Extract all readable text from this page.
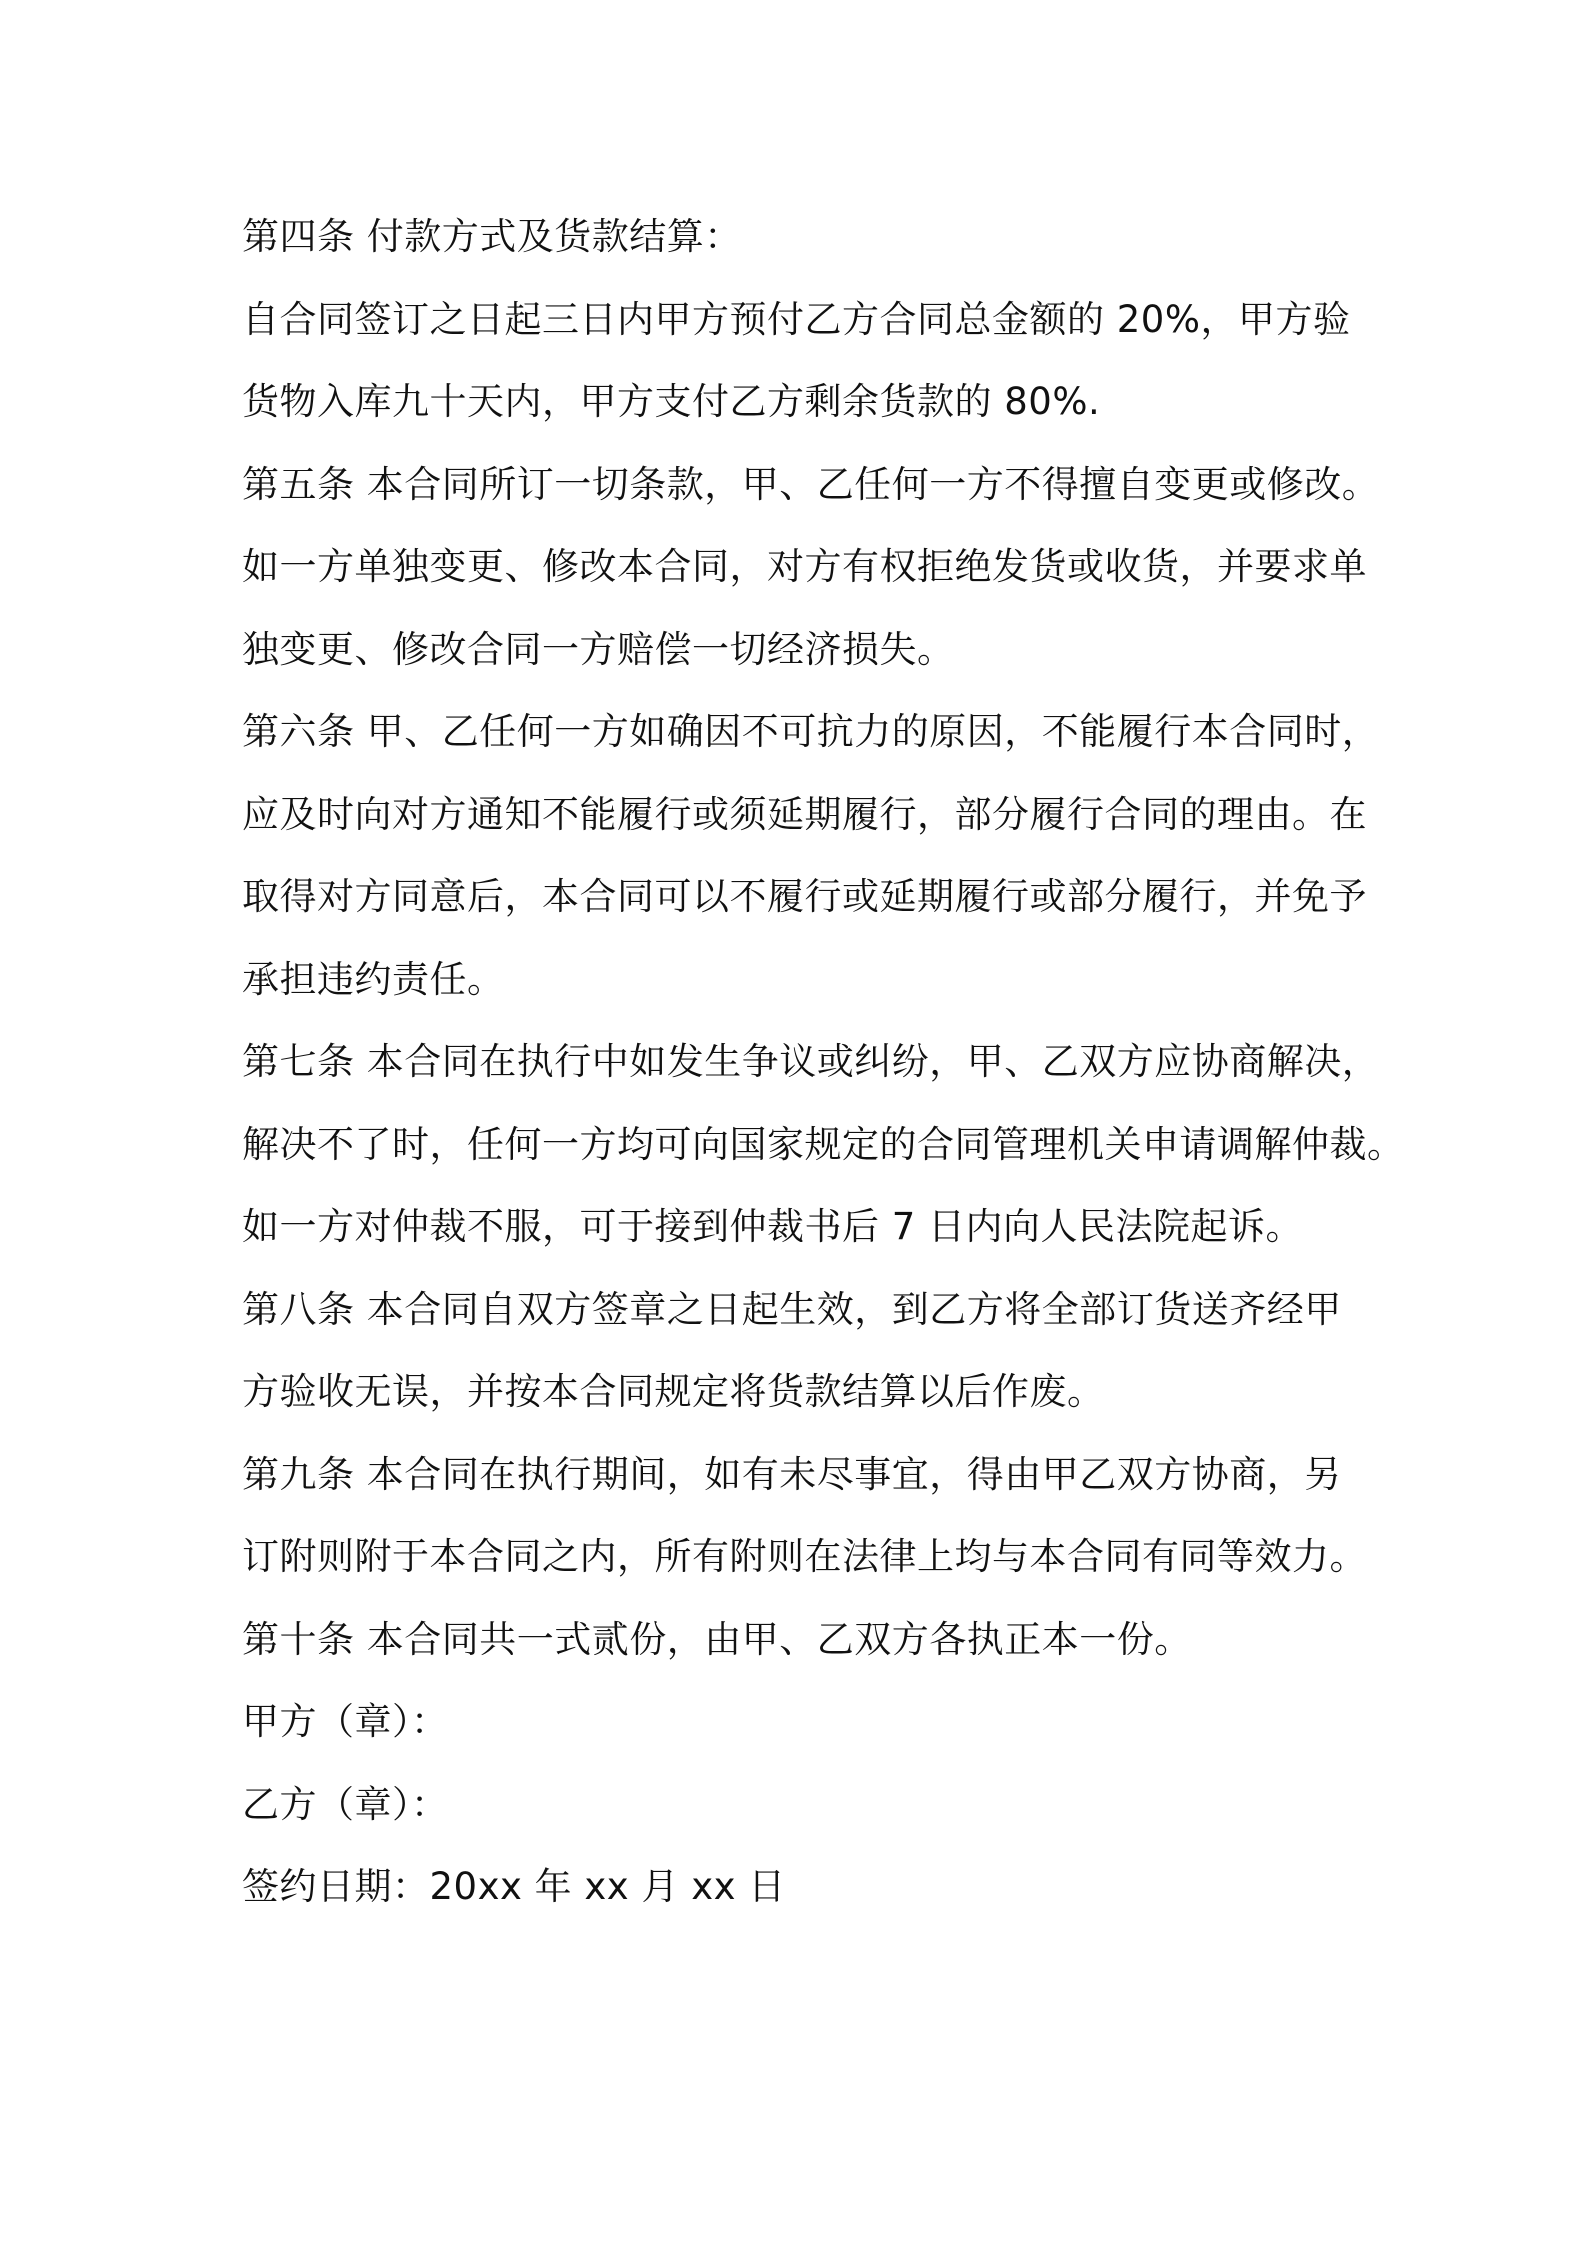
第四条 付款方式及货款结算：
自合同签订之日起三日内甲方预付乙方合同总金额的 20%，甲方验
货物入库九十天内，甲方支付乙方剩余货款的 80%.
第五条 本合同所订一切条款，甲、乙任何一方不得擅自变更或修改。
如一方单独变更、修改本合同，对方有权拒绝发货或收货，并要求单
独变更、修改合同一方赔偿一切经济损失。
第六条 甲、乙任何一方如确因不可抗力的原因，不能履行本合同时，
应及时向对方通知不能履行或须延期履行，部分履行合同的理由。在
取得对方同意后，本合同可以不履行或延期履行或部分履行，并免予
承担违约责任。
第七条 本合同在执行中如发生争议或纠纷，甲、乙双方应协商解决，
解决不了时，任何一方均可向国家规定的合同管理机关申请调解仲裁。
如一方对仲裁不服，可于接到仲裁书后 7 日内向人民法院起诉。
第八条 本合同自双方签章之日起生效，到乙方将全部订货送齐经甲
方验收无误，并按本合同规定将货款结算以后作废。
第九条 本合同在执行期间，如有未尽事宜，得由甲乙双方协商，另
订附则附于本合同之内，所有附则在法律上均与本合同有同等效力。
第十条 本合同共一式贰份，由甲、乙双方各执正本一份。
甲方（章）：
乙方（章）：
签约日期：20xx 年 xx 月 xx 日
